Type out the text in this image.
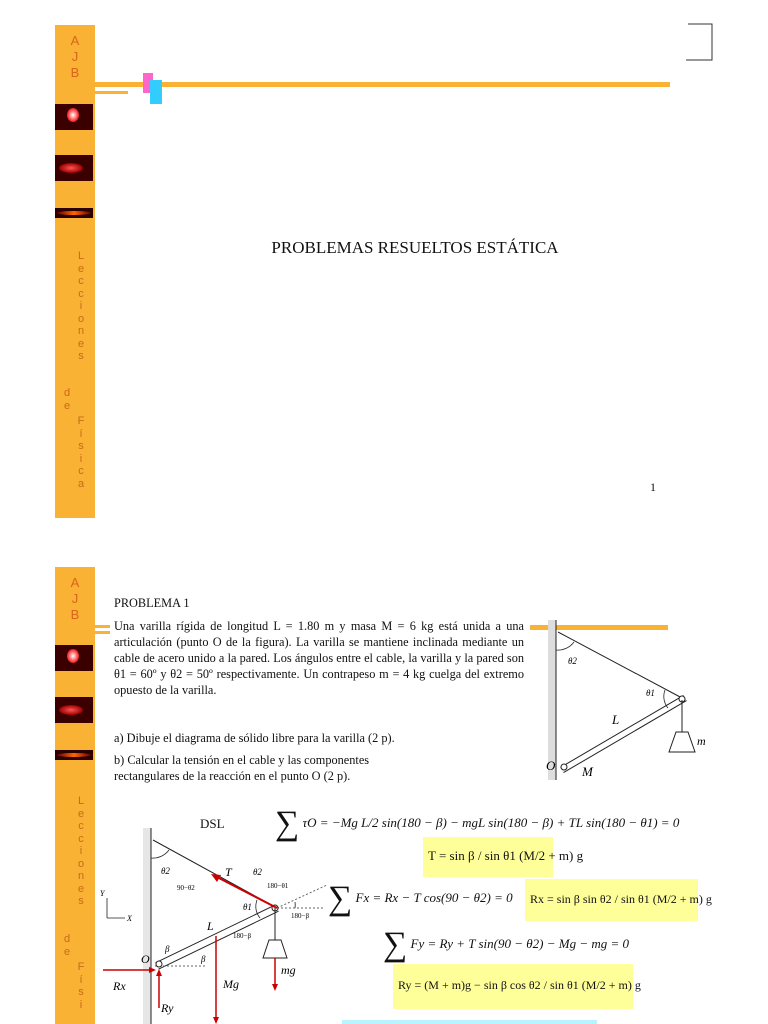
A
J
B
L
e
c
c
i
o
n
e
s
d
e
F
í
s
i
c
a
PROBLEMAS RESUELTOS ESTÁTICA
1
A
J
B
L
e
c
c
i
o
n
e
s
d
e
F
í
s
i
PROBLEMA 1
Una varilla rígida de longitud L = 1.80 m y masa M = 6 kg está unida a una articulación (punto O de la figura). La varilla se mantiene inclinada mediante un cable de acero unido a la pared. Los ángulos entre el cable, la varilla y la pared son θ1 = 60º y θ2 = 50º respectivamente. Un contrapeso m = 4 kg cuelga del extremo opuesto de la varilla.
a) Dibuje el diagrama de sólido libre para la varilla (2 p).
b) Calcular la tensión en el cable y las componentes rectangulares de la reacción en el punto O (2 p).
θ2
θ1
L
m
O M
DSL
Y
X
θ2	T θ2
180−θ1
90−θ2
θ1
180−β
180−β
L
β
β
mg
Mg
O
Rx
Ry
∑ τO = −Mg L/2 sin(180 − β) − mgL sin(180 − β) + TL sin(180 − θ1) = 0
T = sin β / sin θ1 (M/2 + m) g
∑ Fx = Rx − T cos(90 − θ2) = 0 Rx = sin β sin θ2 / sin θ1 (M/2 + m) g
∑ Fy = Ry + T sin(90 − θ2) − Mg − mg = 0
Ry = (M + m)g − sin β cos θ2 / sin θ1 (M/2 + m) g
